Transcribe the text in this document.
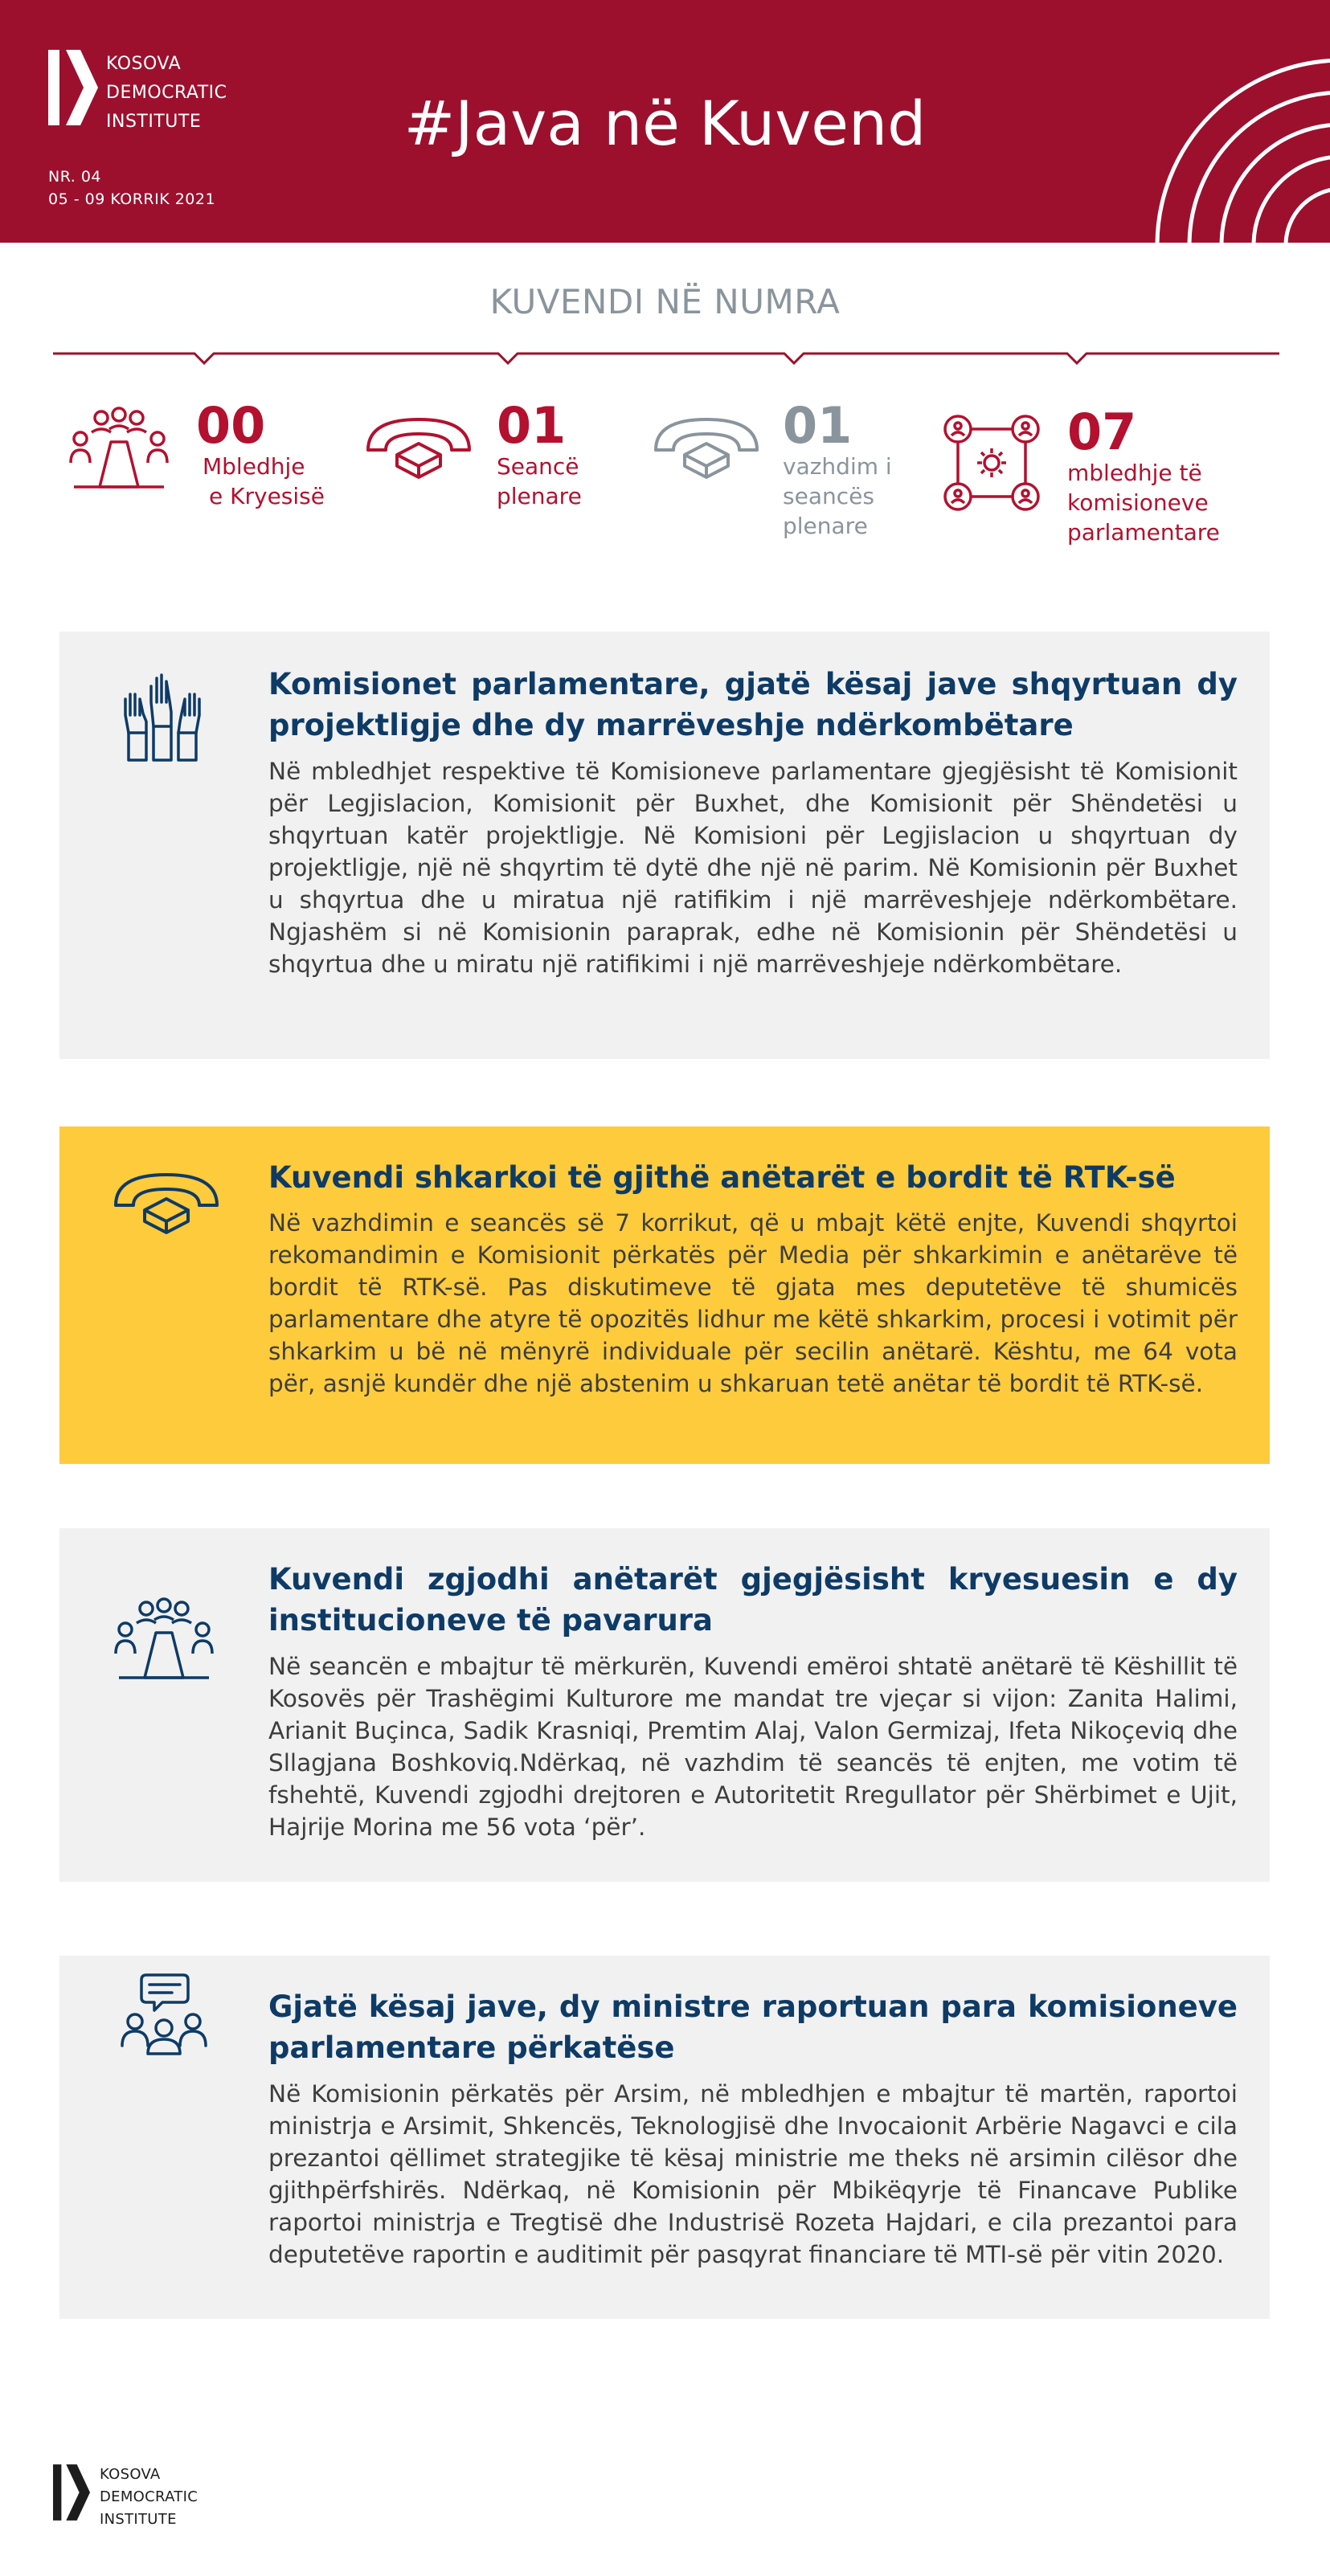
KOSOVA
DEMOCRATIC
INSTITUTE
NR. 04
05 - 09 KORRIK 2021
#Java në Kuvend
KUVENDI NË NUMRA
00
Mbledhje
e Kryesisë
01
Seancë
plenare
01
vazhdim i
seancës
plenare
07
mbledhje të
komisioneve
parlamentare
Komisionet parlamentare, gjatë kësaj jave shqyrtuan dy projektligje dhe dy marrëveshje ndërkombëtare

Në mbledhjet respektive të Komisioneve parlamentare gjegjësisht të Komisionit për Legjislacion, Komisionit për Buxhet, dhe Komisionit për Shëndetësi u shqyrtuan katër projektligje. Në Komisioni për Legjislacion u shqyrtuan dy projektligje, një në shqyrtim të dytë dhe një në parim. Në Komisionin për Buxhet u shqyrtua dhe u miratua një ratifikim i një marrëveshjeje ndërkombëtare. Ngjashëm si në Komisionin paraprak, edhe në Komisionin për Shëndetësi u shqyrtua dhe u miratu një ratifikimi i një marrëveshjeje ndërkombëtare.

Kuvendi shkarkoi të gjithë anëtarët e bordit të RTK-së

Në vazhdimin e seancës së 7 korrikut, që u mbajt këtë enjte, Kuvendi shqyrtoi rekomandimin e Komisionit përkatës për Media për shkarkimin e anëtarëve të bordit të RTK-së. Pas diskutimeve të gjata mes deputetëve të shumicës parlamentare dhe atyre të opozitës lidhur me këtë shkarkim, procesi i votimit për shkarkim u bë në mënyrë individuale për secilin anëtarë. Kështu, me 64 vota për, asnjë kundër dhe një abstenim u shkaruan tetë anëtar të bordit të RTK-së.

Kuvendi zgjodhi anëtarët gjegjësisht kryesuesin e dy institucioneve të pavarura

Në seancën e mbajtur të mërkurën, Kuvendi emëroi shtatë anëtarë të Këshillit të Kosovës për Trashëgimi Kulturore me mandat tre vjeçar si vijon: Zanita Halimi, Arianit Buçinca, Sadik Krasniqi, Premtim Alaj, Valon Germizaj, Ifeta Nikoçeviq dhe Sllagjana Boshkoviq.Ndërkaq, në vazhdim të seancës të enjten, me votim të fshehtë, Kuvendi zgjodhi drejtoren e Autoritetit Rregullator për Shërbimet e Ujit, Hajrije Morina me 56 vota ‘për’.

Gjatë kësaj jave, dy ministre raportuan para komisioneve parlamentare përkatëse

Në Komisionin përkatës për Arsim, në mbledhjen e mbajtur të martën, raportoi ministrja e Arsimit, Shkencës, Teknologjisë dhe Invocaionit Arbërie Nagavci e cila prezantoi qëllimet strategjike të kësaj ministrie me theks në arsimin cilësor dhe gjithpërfshirës. Ndërkaq, në Komisionin për Mbikëqyrje të Financave Publike raportoi ministrja e Tregtisë dhe Industrisë Rozeta Hajdari, e cila prezantoi para deputetëve raportin e auditimit për pasqyrat financiare të MTI-së për vitin 2020.

KOSOVA
DEMOCRATIC
INSTITUTE
